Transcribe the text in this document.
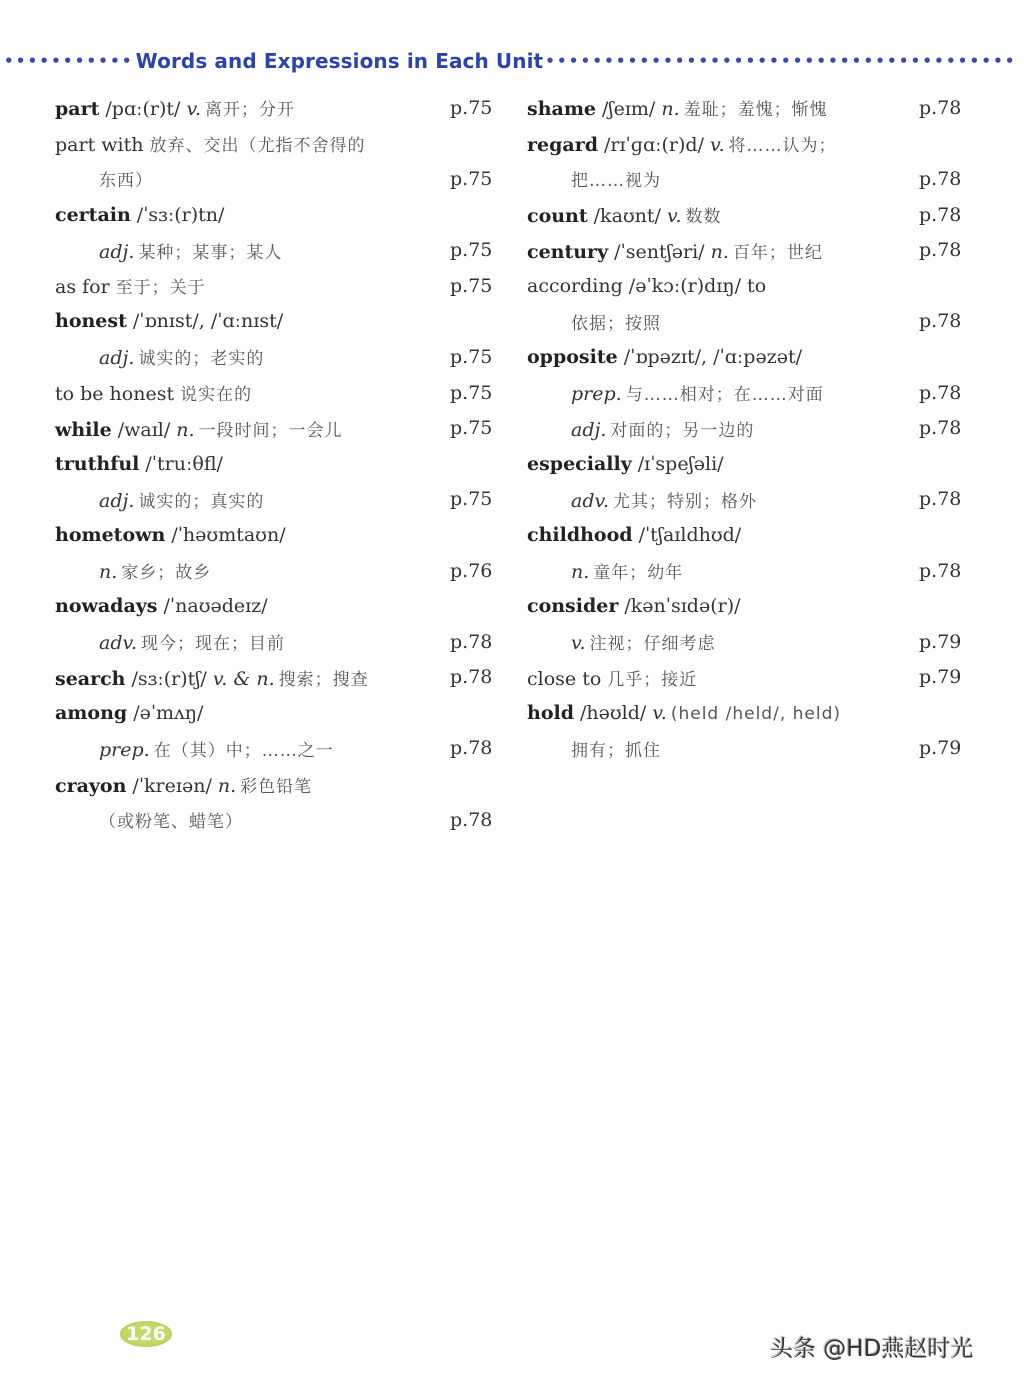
••••••••••• Words and Expressions in Each Unit ••••••••••••••••••••••••••••••••••••••••
part /pɑː(r)t/ v. 离开；分开	p.75
part with 放弃、交出（尤指不舍得的
东西）	p.75
certain /ˈsɜː(r)tn/
adj. 某种；某事；某人	p.75
as for 至于；关于	p.75
honest /ˈɒnɪst/, /ˈɑːnɪst/
adj. 诚实的；老实的	p.75
to be honest 说实在的	p.75
while /waɪl/ n. 一段时间；一会儿	p.75
truthful /ˈtruːθfl/
adj. 诚实的；真实的	p.75
hometown /ˈhəʊmtaʊn/
n. 家乡；故乡	p.76
nowadays /ˈnaʊədeɪz/
adv. 现今；现在；目前	p.78
search /sɜː(r)tʃ/ v. & n. 搜索；搜查	p.78
among /əˈmʌŋ/
prep. 在（其）中；……之一	p.78
crayon /ˈkreɪən/ n. 彩色铅笔
（或粉笔、蜡笔）	p.78
shame /ʃeɪm/ n. 羞耻；羞愧；惭愧	p.78
regard /rɪˈɡɑː(r)d/ v. 将……认为；
把……视为	p.78
count /kaʊnt/ v. 数数	p.78
century /ˈsentʃəri/ n. 百年；世纪	p.78
according /əˈkɔː(r)dɪŋ/ to
依据；按照	p.78
opposite /ˈɒpəzɪt/, /ˈɑːpəzət/
prep. 与……相对；在……对面	p.78
adj. 对面的；另一边的	p.78
especially /ɪˈspeʃəli/
adv. 尤其；特别；格外	p.78
childhood /ˈtʃaɪldhʊd/
n. 童年；幼年	p.78
consider /kənˈsɪdə(r)/
v. 注视；仔细考虑	p.79
close to 几乎；接近	p.79
hold /həʊld/ v. (held /held/, held)
拥有；抓住	p.79
126
头条 @HD燕赵时光
